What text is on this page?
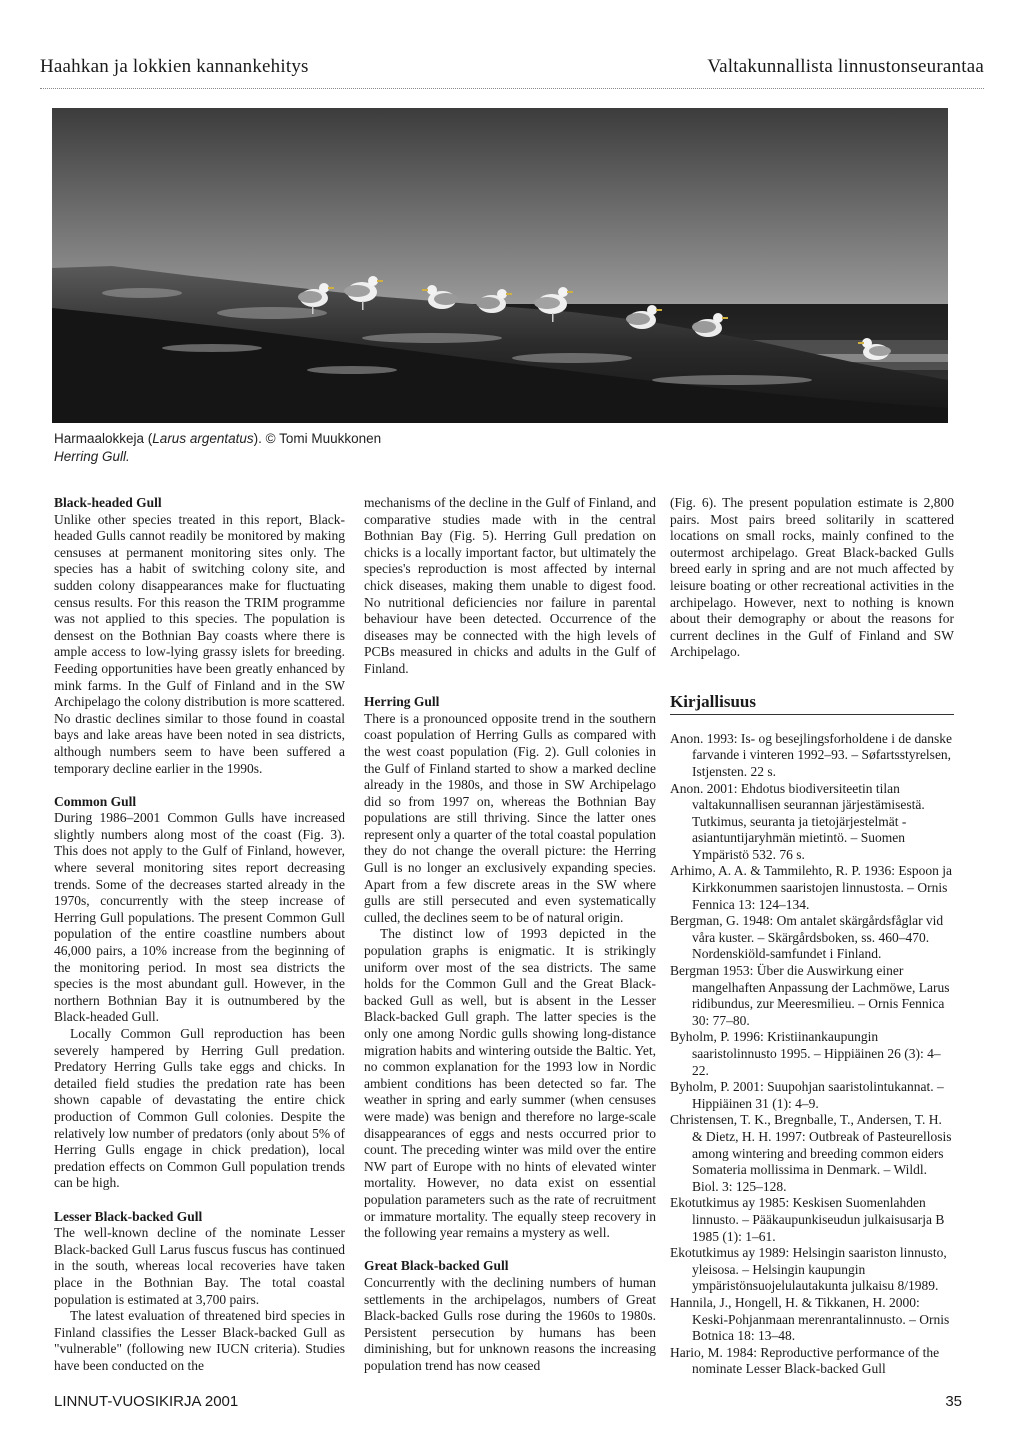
Haahkan ja lokkien kannankehitys	Valtakunnallista linnustonseurantaa
Harmaalokkeja (Larus argentatus). © Tomi Muukkonen
Herring Gull.
Black-headed Gull

Unlike other species treated in this report, Black-headed Gulls cannot readily be monitored by making censuses at permanent monitoring sites only. The species has a habit of switching colony site, and sudden colony disappearances make for fluctuating census results. For this reason the TRIM programme was not applied to this species. The population is densest on the Bothnian Bay coasts where there is ample access to low-lying grassy islets for breeding. Feeding opportunities have been greatly enhanced by mink farms. In the Gulf of Finland and in the SW Archipelago the colony distribution is more scattered. No drastic declines similar to those found in coastal bays and lake areas have been noted in sea districts, although numbers seem to have been suffered a temporary decline earlier in the 1990s.

Common Gull

During 1986–2001 Common Gulls have increased slightly numbers along most of the coast (Fig. 3). This does not apply to the Gulf of Finland, however, where several monitoring sites report decreasing trends. Some of the decreases started already in the 1970s, concurrently with the steep increase of Herring Gull populations. The present Common Gull population of the entire coastline numbers about 46,000 pairs, a 10% increase from the beginning of the monitoring period. In most sea districts the species is the most abundant gull. However, in the northern Bothnian Bay it is outnumbered by the Black-headed Gull.

Locally Common Gull reproduction has been severely hampered by Herring Gull predation. Predatory Herring Gulls take eggs and chicks. In detailed field studies the predation rate has been shown capable of devastating the entire chick production of Common Gull colonies. Despite the relatively low number of predators (only about 5% of Herring Gulls engage in chick predation), local predation effects on Common Gull population trends can be high.

Lesser Black-backed Gull

The well-known decline of the nominate Lesser Black-backed Gull Larus fuscus fuscus has continued in the south, whereas local recoveries have taken place in the Bothnian Bay. The total coastal population is estimated at 3,700 pairs.

The latest evaluation of threatened bird species in Finland classifies the Lesser Black-backed Gull as "vulnerable" (following new IUCN criteria). Studies have been conducted on the

mechanisms of the decline in the Gulf of Finland, and comparative studies made with in the central Bothnian Bay (Fig. 5). Herring Gull predation on chicks is a locally important factor, but ultimately the species's reproduction is most affected by internal chick diseases, making them unable to digest food. No nutritional deficiencies nor failure in parental behaviour have been detected. Occurrence of the diseases may be connected with the high levels of PCBs measured in chicks and adults in the Gulf of Finland.

Herring Gull

There is a pronounced opposite trend in the southern coast population of Herring Gulls as compared with the west coast population (Fig. 2). Gull colonies in the Gulf of Finland started to show a marked decline already in the 1980s, and those in SW Archipelago did so from 1997 on, whereas the Bothnian Bay populations are still thriving. Since the latter ones represent only a quarter of the total coastal population they do not change the overall picture: the Herring Gull is no longer an exclusively expanding species. Apart from a few discrete areas in the SW where gulls are still persecuted and even systematically culled, the declines seem to be of natural origin.

The distinct low of 1993 depicted in the population graphs is enigmatic. It is strikingly uniform over most of the sea districts. The same holds for the Common Gull and the Great Black-backed Gull as well, but is absent in the Lesser Black-backed Gull graph. The latter species is the only one among Nordic gulls showing long-distance migration habits and wintering outside the Baltic. Yet, no common explanation for the 1993 low in Nordic ambient conditions has been detected so far. The weather in spring and early summer (when censuses were made) was benign and therefore no large-scale disappearances of eggs and nests occurred prior to count. The preceding winter was mild over the entire NW part of Europe with no hints of elevated winter mortality. However, no data exist on essential population parameters such as the rate of recruitment or immature mortality. The equally steep recovery in the following year remains a mystery as well.

Great Black-backed Gull

Concurrently with the declining numbers of human settlements in the archipelagos, numbers of Great Black-backed Gulls rose during the 1960s to 1980s. Persistent persecution by humans has been diminishing, but for unknown reasons the increasing population trend has now ceased

(Fig. 6). The present population estimate is 2,800 pairs. Most pairs breed solitarily in scattered locations on small rocks, mainly confined to the outermost archipelago. Great Black-backed Gulls breed early in spring and are not much affected by leisure boating or other recreational activities in the archipelago. However, next to nothing is known about their demography or about the reasons for current declines in the Gulf of Finland and SW Archipelago.

Kirjallisuus

Anon. 1993: Is- og besejlingsforholdene i de danske farvande i vinteren 1992–93. – Søfartsstyrelsen, Istjensten. 22 s.

Anon. 2001: Ehdotus biodiversiteetin tilan valtakunnallisen seurannan järjestämisestä. Tutkimus, seuranta ja tietojärjestelmät -asiantuntijaryhmän mietintö. – Suomen Ympäristö 532. 76 s.

Arhimo, A. A. & Tammilehto, R. P. 1936: Espoon ja Kirkkonummen saaristojen linnustosta. – Ornis Fennica 13: 124–134.

Bergman, G. 1948: Om antalet skärgårdsfåglar vid våra kuster. – Skärgårdsboken, ss. 460–470. Nordenskiöld-samfundet i Finland.

Bergman 1953: Über die Auswirkung einer mangelhaften Anpassung der Lachmöwe, Larus ridibundus, zur Meeresmilieu. – Ornis Fennica 30: 77–80.

Byholm, P. 1996: Kristiinankaupungin saaristolinnusto 1995. – Hippiäinen 26 (3): 4–22.

Byholm, P. 2001: Suupohjan saaristolintukannat. – Hippiäinen 31 (1): 4–9.

Christensen, T. K., Bregnballe, T., Andersen, T. H. & Dietz, H. H. 1997: Outbreak of Pasteurellosis among wintering and breeding common eiders Somateria mollissima in Denmark. – Wildl. Biol. 3: 125–128.

Ekotutkimus ay 1985: Keskisen Suomenlahden linnusto. – Pääkaupunkiseudun julkaisusarja B 1985 (1): 1–61.

Ekotutkimus ay 1989: Helsingin saariston linnusto, yleisosa. – Helsingin kaupungin ympäristönsuojelulautakunta julkaisu 8/1989.

Hannila, J., Hongell, H. & Tikkanen, H. 2000: Keski-Pohjanmaan merenrantalinnusto. – Ornis Botnica 18: 13–48.

Hario, M. 1984: Reproductive performance of the nominate Lesser Black-backed Gull

LINNUT-VUOSIKIRJA 2001	35
